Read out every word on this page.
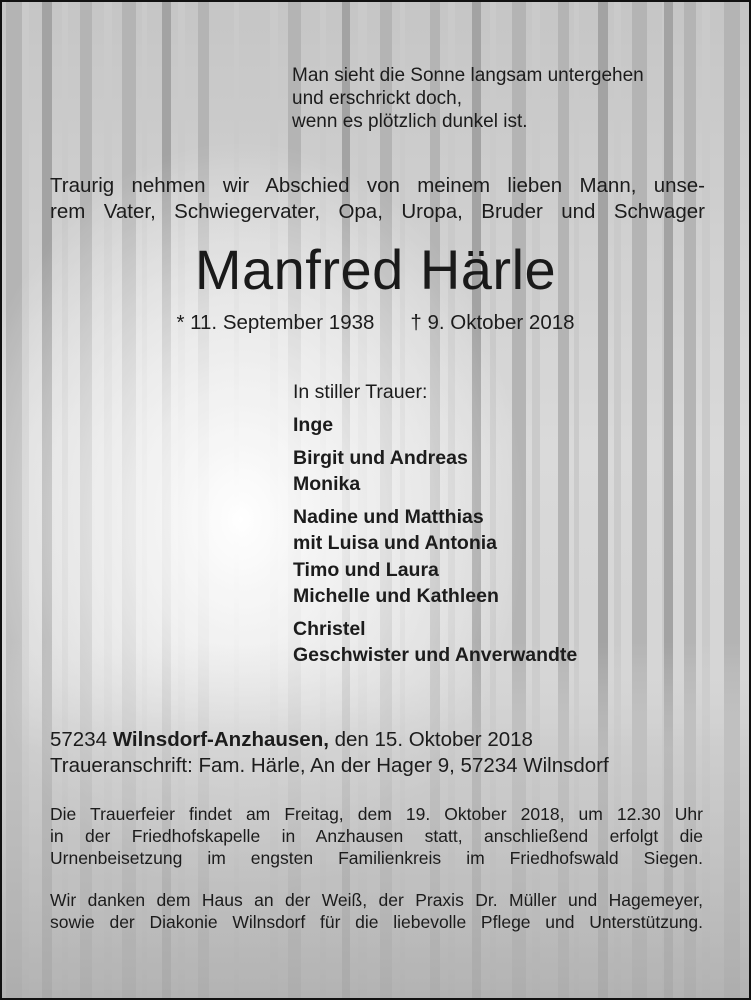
Man sieht die Sonne langsam untergehen
und erschrickt doch,
wenn es plötzlich dunkel ist.
Traurig nehmen wir Abschied von meinem lieben Mann, unse-
rem Vater, Schwiegervater, Opa, Uropa, Bruder und Schwager
Manfred Härle
* 11. September 1938 † 9. Oktober 2018
In stiller Trauer:
Inge
Birgit und Andreas
Monika
Nadine und Matthias
mit Luisa und Antonia
Timo und Laura
Michelle und Kathleen
Christel
Geschwister und Anverwandte
57234 Wilnsdorf-Anzhausen, den 15. Oktober 2018
Traueranschrift: Fam. Härle, An der Hager 9, 57234 Wilnsdorf
Die Trauerfeier findet am Freitag, dem 19. Oktober 2018, um 12.30 Uhr
in der Friedhofskapelle in Anzhausen statt, anschließend erfolgt die
Urnenbeisetzung im engsten Familienkreis im Friedhofswald Siegen.
Wir danken dem Haus an der Weiß, der Praxis Dr. Müller und Hagemeyer,
sowie der Diakonie Wilnsdorf für die liebevolle Pflege und Unterstützung.
